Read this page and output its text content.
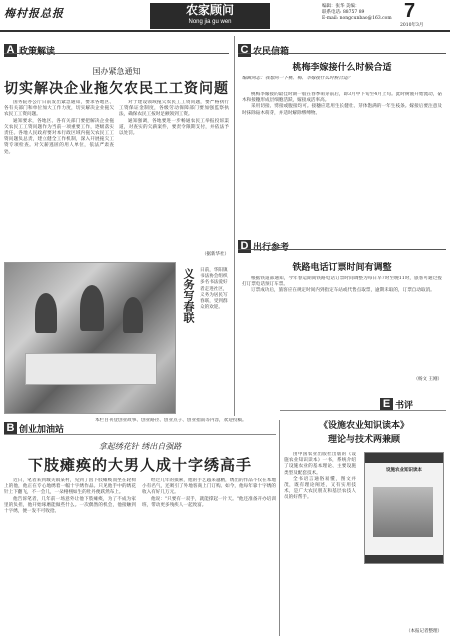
梅村报总报	农家顾问
Nong jia gu wen
编辑：张华 美编：
联系电话: 88757 89
E-mail: nongcunbao@163.com 7
2010年3月
A 政策解读
国办紧急通知
切实解决企业拖欠农民工工资问题

国务院办公厅日前发出紧急通知，要求各地区、各有关部门和单位加大工作力度，切实解决企业拖欠农民工工资问题。

通知要求，各地区、各有关部门要把解决企业拖欠农民工工资问题作为当前一项重要工作，逐级落实责任。各地人民政府要对本行政区域内拖欠农民工工资问题负总责，建立健全工作机制，深入开展拖欠工资专项检查。对欠薪逃匿的用人单位，依法严肃查处。

对于建设领域拖欠农民工工资问题，要严格执行工资保证金制度，各级劳动保障部门要加强监察执法，确保农民工按时足额领到工资。

通知强调，各地要进一步畅通农民工举报投诉渠道，对查实的欠薪案件，要责令限期支付，并依法予以处罚。

（据新华社）
义务写春联 日前，华阳镇书法协会组织多名书法爱好者走进社区，义务为居民写春联，受到群众的欢迎。
B 创业加油站
本栏目刊登创业故事、创业路径、创业点子、创业指南等内容，欢迎投稿。
拿起绣花针 绣出自强路
下肢瘫痪的大男人成十字绣高手

近日，笔者来到城关镇某村，见到了因下肢瘫痪而坐在轮椅上的他，他正在专心地绣着一幅十字绣作品。只见他手中的绣花针上下翻飞，不一会儿，一朵栩栩如生的牡丹便跃然布上。

他告诉笔者，几年前一场意外让他下肢瘫痪，为了不成为家里的负担，他开始琢磨能做些什么。一次偶然的机会，他接触到十字绣，便一发不可收拾。

经过几年的摸索，他的手艺越来越精，绣出的作品不仅在本地小有名气，还吸引了外地客商上门订购。如今，他每年靠十字绣的收入有好几万元。

他说："只要有一双手，就能撑起一片天。"他还准备开办培训班，带动更多残疾人一起致富。

C 农民信箱
桃梅李嫁接什么时候合适
编辑同志：我想问一下桃、梅、李嫁接什么时候合适？

桃梅李嫁接的最佳时期一般在春季萌芽前后，即3月中下旬至4月上旬。此时树液开始流动，砧木和接穗形成层细胞活跃，嫁接成活率高。

采用切接、劈接或腹接均可。接穗应选用生长健壮、芽体饱满的一年生枝条。嫁接后要注意及时抹除砧木萌芽，并适时解除绑缚物。

D 出行参考
铁路电话订票时间有调整

根据铁道部通知，今年春运期间铁路电话订票时间调整为每日早7时至晚11时，旅客可通过拨打订票电话预订车票。

订票成功后，旅客应在规定时间内到指定车站或代售点取票，逾期未取的，订票自动取消。

（杨文 王刚）
E 书评
《设施农业知识读本》
理论与技术两兼顾

由中国农业出版社出版的《设施农业知识读本》一书，系统介绍了设施农业的基本理论、主要设施类型及配套技术。

全书语言通俗易懂，图文并茂，既有理论阐述，又有实用技术，是广大农民朋友和基层农技人员的好帮手。

设施农业知识读本
（本报记者整理）
